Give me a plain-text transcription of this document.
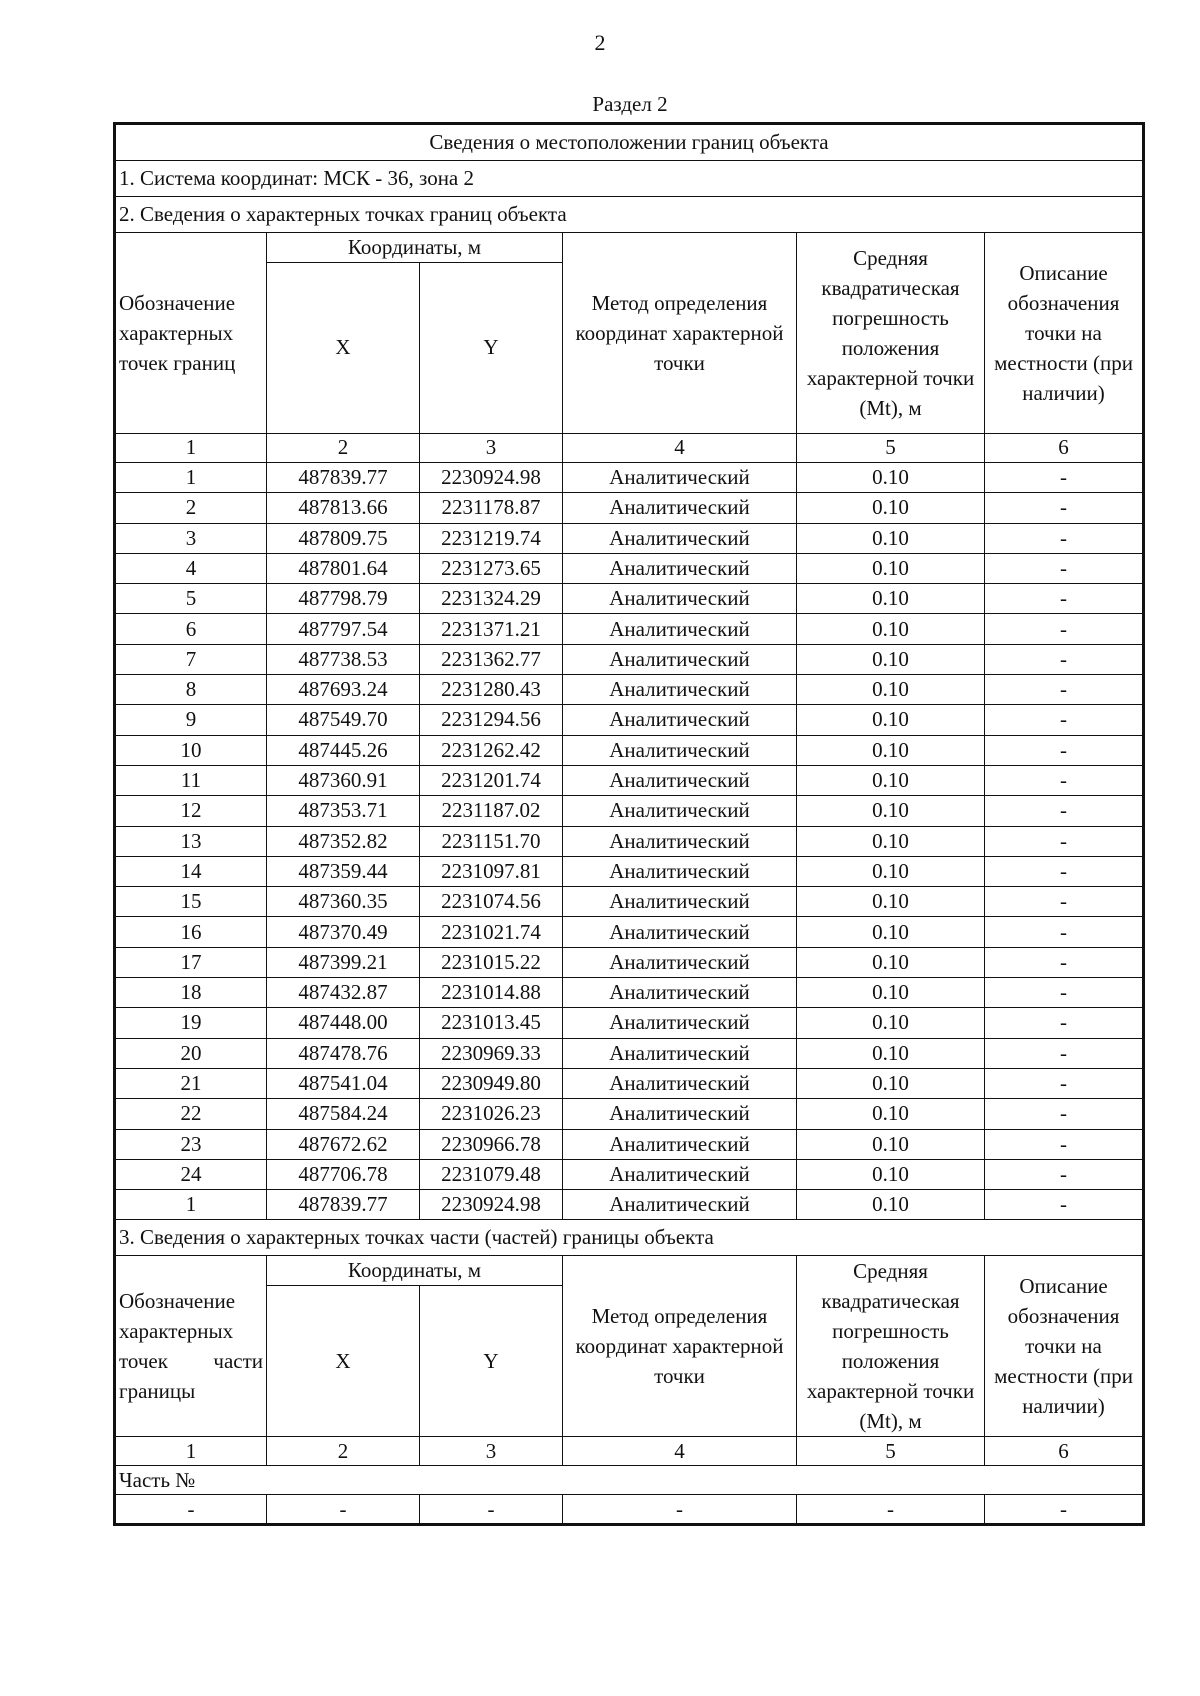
2
Раздел 2
Сведения о местоположении границ объекта					
1. Система координат: МСК - 36, зона 2					
2. Сведения о характерных точках границ объекта					
Обозначение характерных точек границ	Координаты, м		Метод определения координат характерной точки	Средняя квадратическая погрешность положения характерной точки (Mt), м	Описание обозначения точки на местности (при наличии)
	X	Y			
1	2	3	4	5	6
1	487839.77	2230924.98	Аналитический	0.10	-
2	487813.66	2231178.87	Аналитический	0.10	-
3	487809.75	2231219.74	Аналитический	0.10	-
4	487801.64	2231273.65	Аналитический	0.10	-
5	487798.79	2231324.29	Аналитический	0.10	-
6	487797.54	2231371.21	Аналитический	0.10	-
7	487738.53	2231362.77	Аналитический	0.10	-
8	487693.24	2231280.43	Аналитический	0.10	-
9	487549.70	2231294.56	Аналитический	0.10	-
10	487445.26	2231262.42	Аналитический	0.10	-
11	487360.91	2231201.74	Аналитический	0.10	-
12	487353.71	2231187.02	Аналитический	0.10	-
13	487352.82	2231151.70	Аналитический	0.10	-
14	487359.44	2231097.81	Аналитический	0.10	-
15	487360.35	2231074.56	Аналитический	0.10	-
16	487370.49	2231021.74	Аналитический	0.10	-
17	487399.21	2231015.22	Аналитический	0.10	-
18	487432.87	2231014.88	Аналитический	0.10	-
19	487448.00	2231013.45	Аналитический	0.10	-
20	487478.76	2230969.33	Аналитический	0.10	-
21	487541.04	2230949.80	Аналитический	0.10	-
22	487584.24	2231026.23	Аналитический	0.10	-
23	487672.62	2230966.78	Аналитический	0.10	-
24	487706.78	2231079.48	Аналитический	0.10	-
1	487839.77	2230924.98	Аналитический	0.10	-
3. Сведения о характерных точках части (частей) границы объекта					
Обозначение характерных точек части границы	Координаты, м		Метод определения координат характерной точки	Средняя квадратическая погрешность положения характерной точки (Mt), м	Описание обозначения точки на местности (при наличии)
	X	Y			
1	2	3	4	5	6
Часть №					
-	-	-	-	-	-
